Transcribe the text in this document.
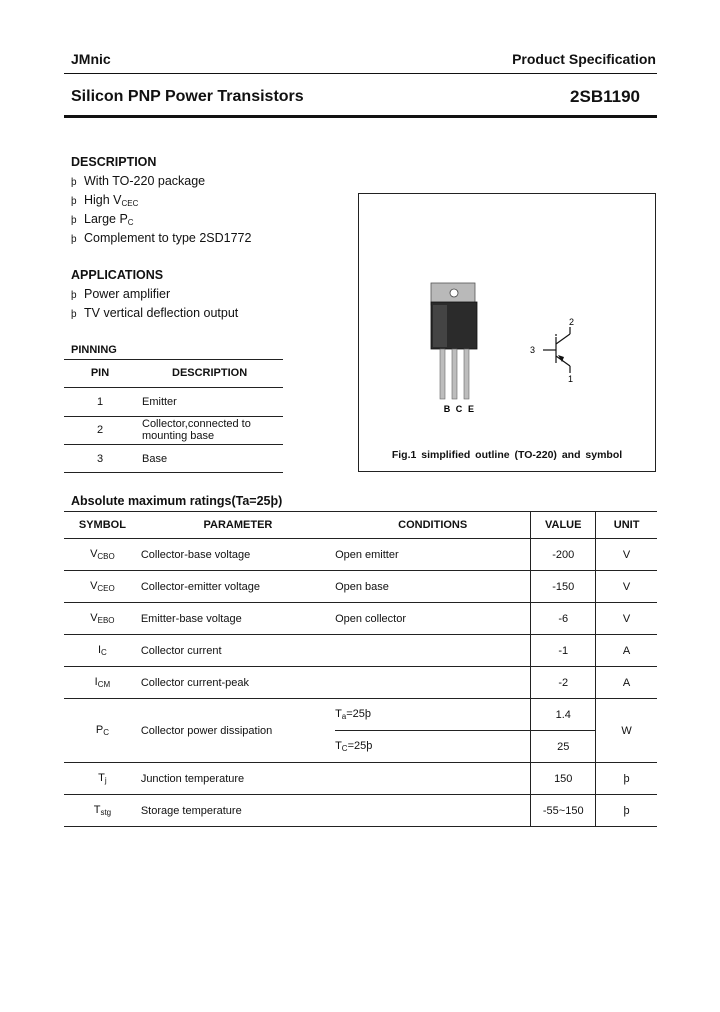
JMnic	Product Specification
Silicon PNP Power Transistors	2SB1190
DESCRIPTION
þ With TO-220 package
þ High $V_{CEC}$
þ Large $P_C$
þ Complement to type 2SD1772
APPLICATIONS
þ Power amplifier
þ TV vertical deflection output
PINNING
PIN	DESCRIPTION
1	Emitter
2	Collector,connected to mounting base
3	Base
B C E
2
3
1
Fig.1 simplified outline (TO-220) and symbol
Absolute maximum ratings(Ta=25þ)
SYMBOL	PARAMETER	CONDITIONS	VALUE	UNIT
$V_{CBO}$	Collector-base voltage	Open emitter	-200	V
$V_{CEO}$	Collector-emitter voltage	Open base	-150	V
$V_{EBO}$	Emitter-base voltage	Open collector	-6	V
$I_C$	Collector current		-1	A
$I_{CM}$	Collector current-peak		-2	A
$P_C$	Collector power dissipation	$T_a=25þ$	1.4	W
		$T_C=25þ$	25	
$T_j$	Junction temperature		150	þ
$T_{stg}$	Storage temperature		-55~150	þ
